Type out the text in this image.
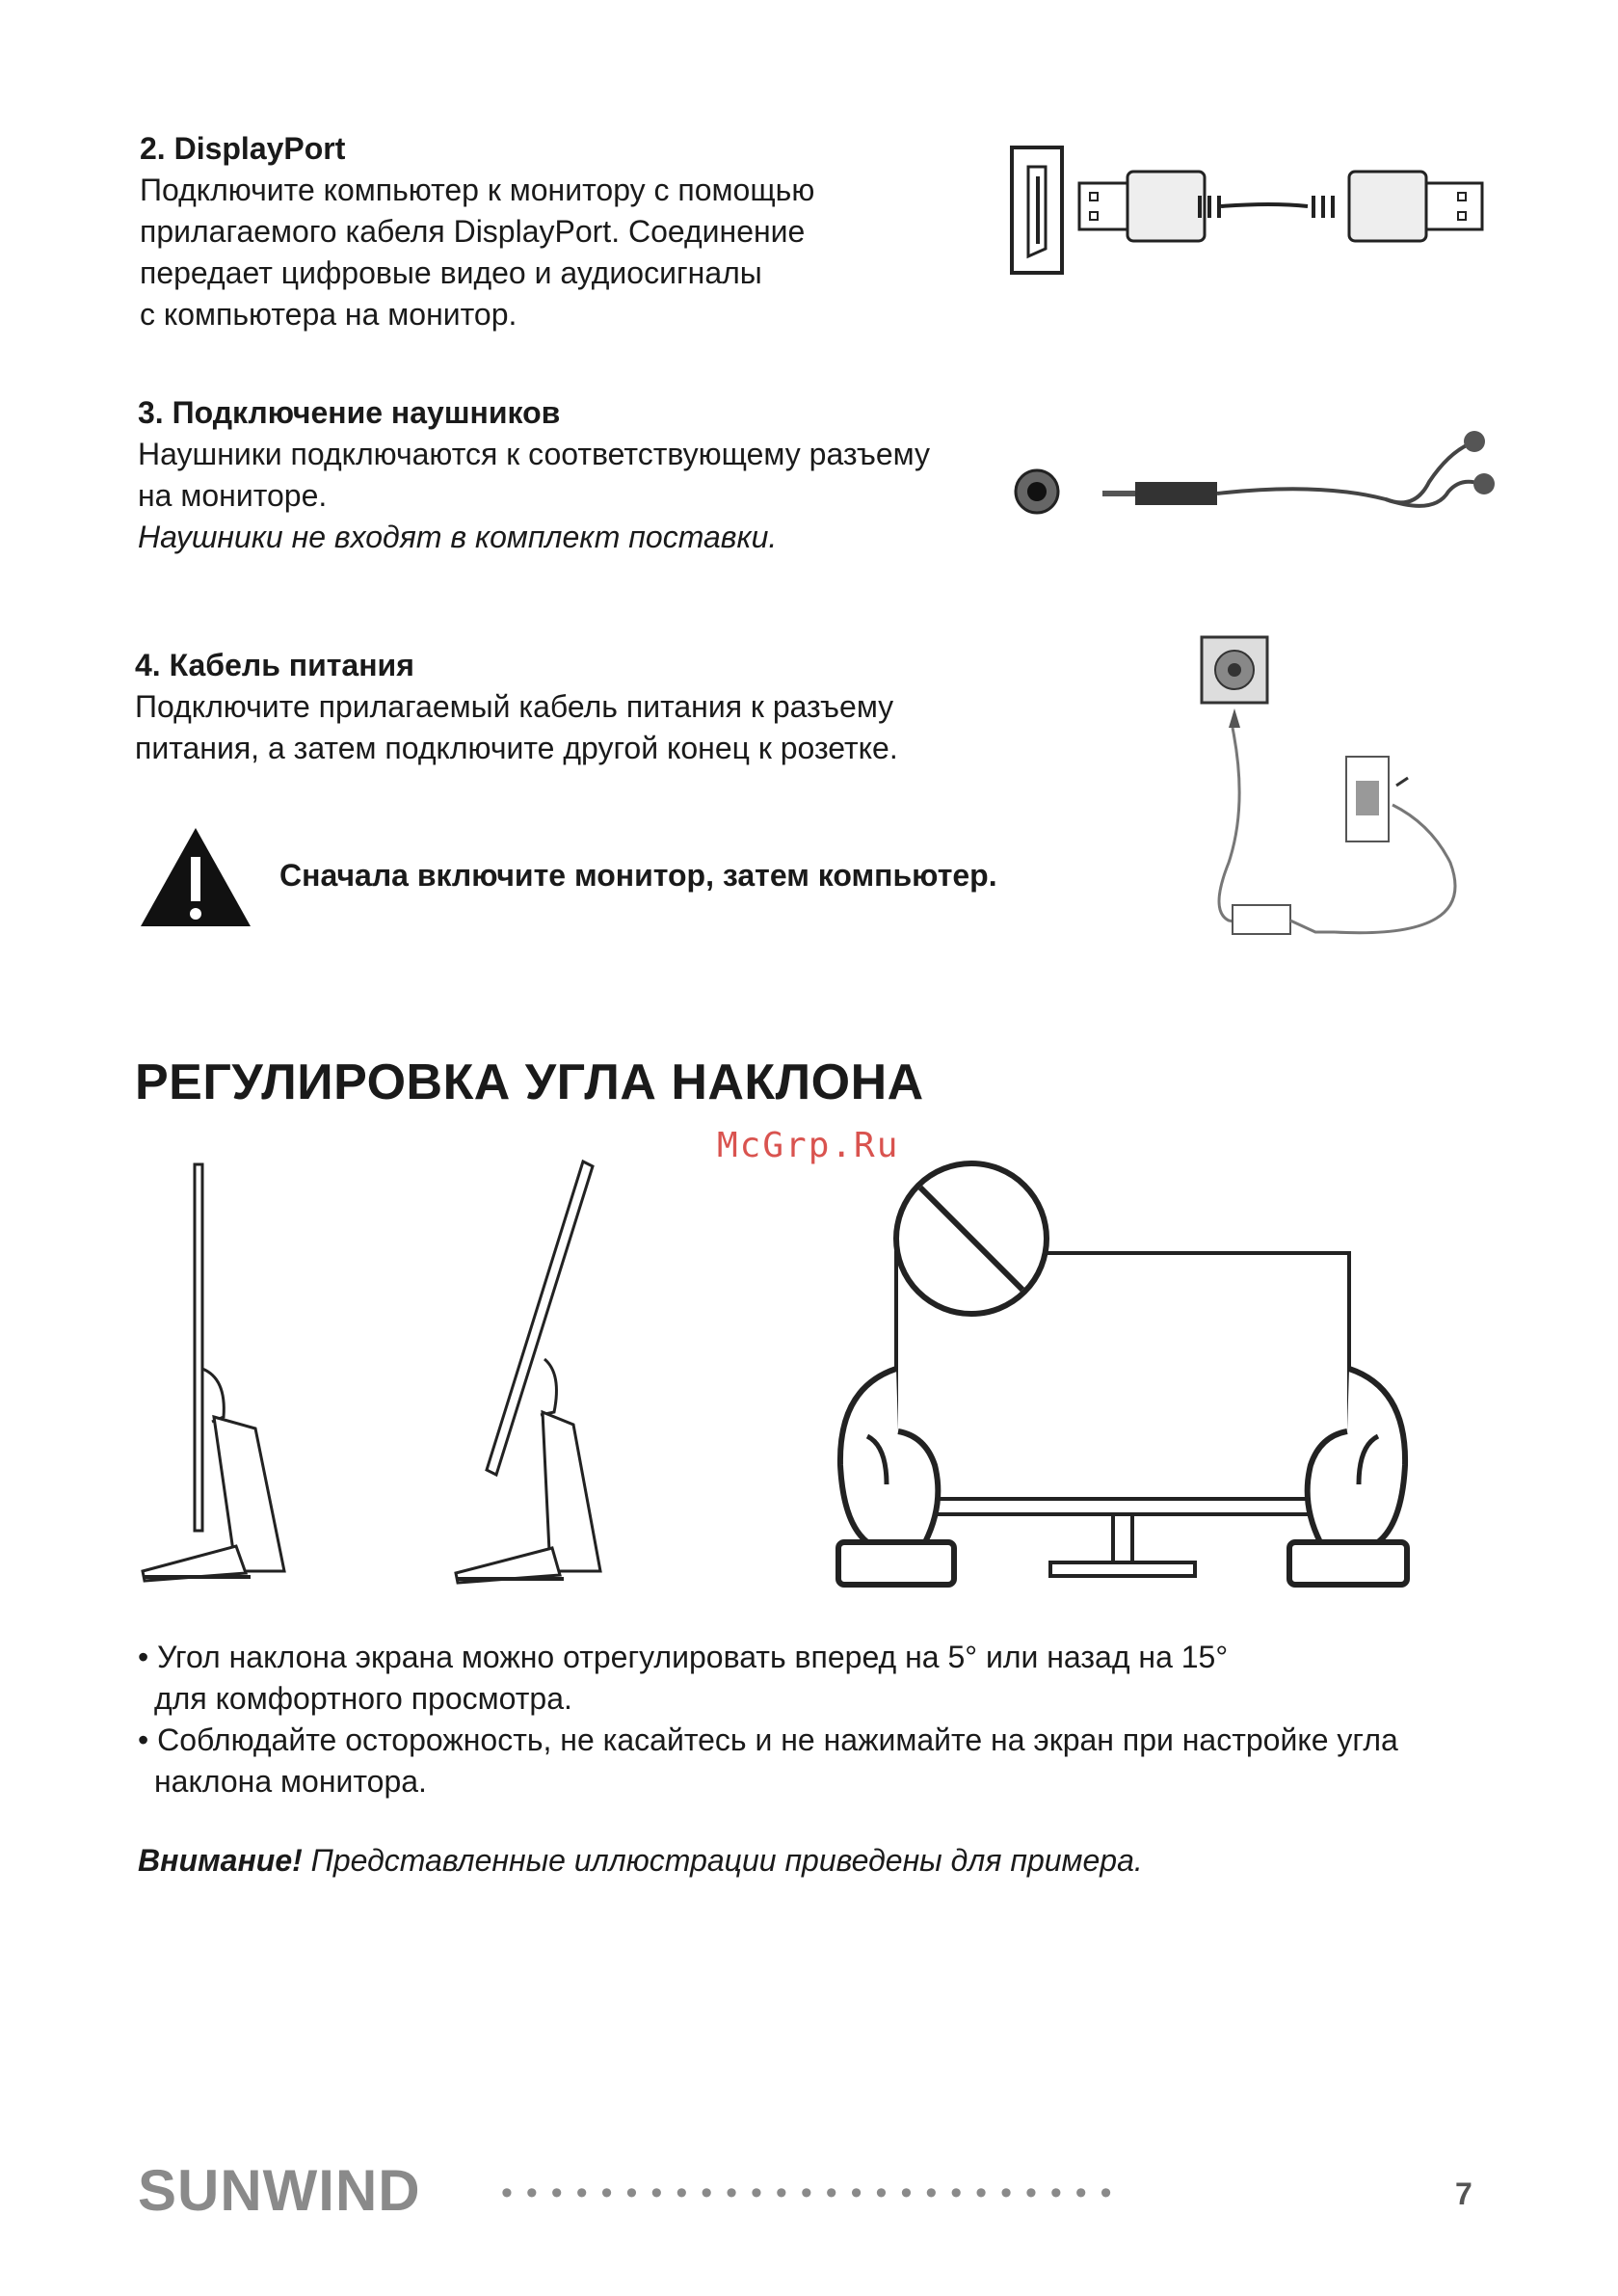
2. DisplayPort
Подключите компьютер к монитору с помощью
прилагаемого кабеля DisplayPort. Соединение
передает цифровые видео и аудиосигналы
с компьютера на монитор.
3. Подключение наушников
Наушники подключаются к соответствующему разъему
на мониторе.
Наушники не входят в комплект поставки.
4. Кабель питания
Подключите прилагаемый кабель питания к разъему
питания, а затем подключите другой конец к розетке.
Сначала включите монитор, затем компьютер.
РЕГУЛИРОВКА УГЛА НАКЛОНА
McGrp.Ru
• Угол наклона экрана можно отрегулировать вперед на 5° или назад на 15°
для комфортного просмотра.
• Соблюдайте осторожность, не касайтесь и не нажимайте на экран при настройке угла
наклона монитора.
Внимание! Представленные иллюстрации приведены для примера.
SUNWIND •••••••••••••••••••••••••	7
